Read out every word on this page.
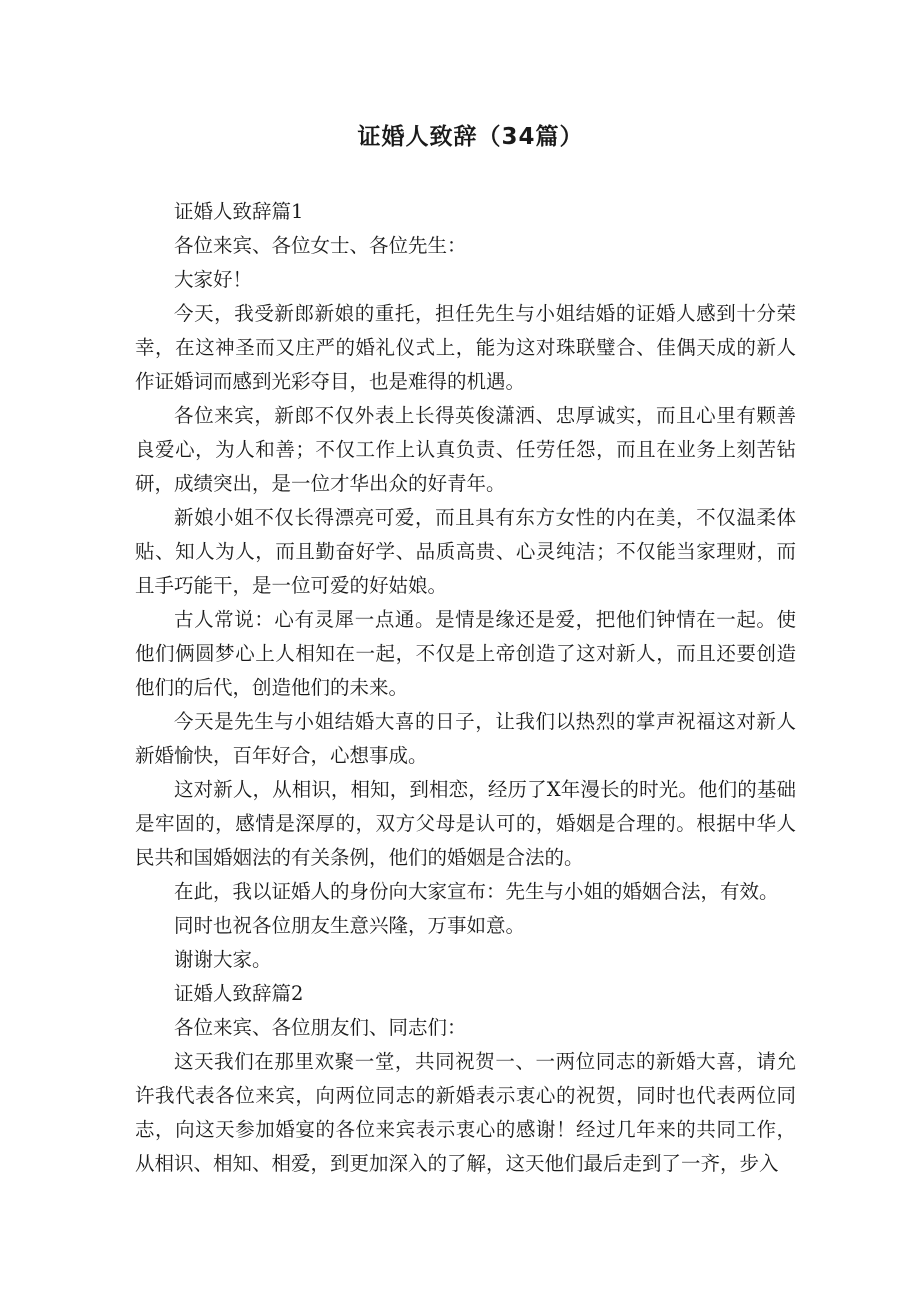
证婚人致辞（34篇）

证婚人致辞篇1

各位来宾、各位女士、各位先生：

大家好！

今天，我受新郎新娘的重托，担任先生与小姐结婚的证婚人感到十分荣幸，在这神圣而又庄严的婚礼仪式上，能为这对珠联璧合、佳偶天成的新人作证婚词而感到光彩夺目，也是难得的机遇。

各位来宾，新郎不仅外表上长得英俊潇洒、忠厚诚实，而且心里有颗善良爱心，为人和善；不仅工作上认真负责、任劳任怨，而且在业务上刻苦钻研，成绩突出，是一位才华出众的好青年。

新娘小姐不仅长得漂亮可爱，而且具有东方女性的内在美，不仅温柔体贴、知人为人，而且勤奋好学、品质高贵、心灵纯洁；不仅能当家理财，而且手巧能干，是一位可爱的好姑娘。

古人常说：心有灵犀一点通。是情是缘还是爱，把他们钟情在一起。使他们俩圆梦心上人相知在一起，不仅是上帝创造了这对新人，而且还要创造他们的后代，创造他们的未来。

今天是先生与小姐结婚大喜的日子，让我们以热烈的掌声祝福这对新人新婚愉快，百年好合，心想事成。

这对新人，从相识，相知，到相恋，经历了X年漫长的时光。他们的基础是牢固的，感情是深厚的，双方父母是认可的，婚姻是合理的。根据中华人民共和国婚姻法的有关条例，他们的婚姻是合法的。

在此，我以证婚人的身份向大家宣布：先生与小姐的婚姻合法，有效。

同时也祝各位朋友生意兴隆，万事如意。

谢谢大家。

证婚人致辞篇2

各位来宾、各位朋友们、同志们：

这天我们在那里欢聚一堂，共同祝贺一、一两位同志的新婚大喜，请允许我代表各位来宾，向两位同志的新婚表示衷心的祝贺，同时也代表两位同志，向这天参加婚宴的各位来宾表示衷心的感谢！经过几年来的共同工作，从相识、相知、相爱，到更加深入的了解，这天他们最后走到了一齐，步入
